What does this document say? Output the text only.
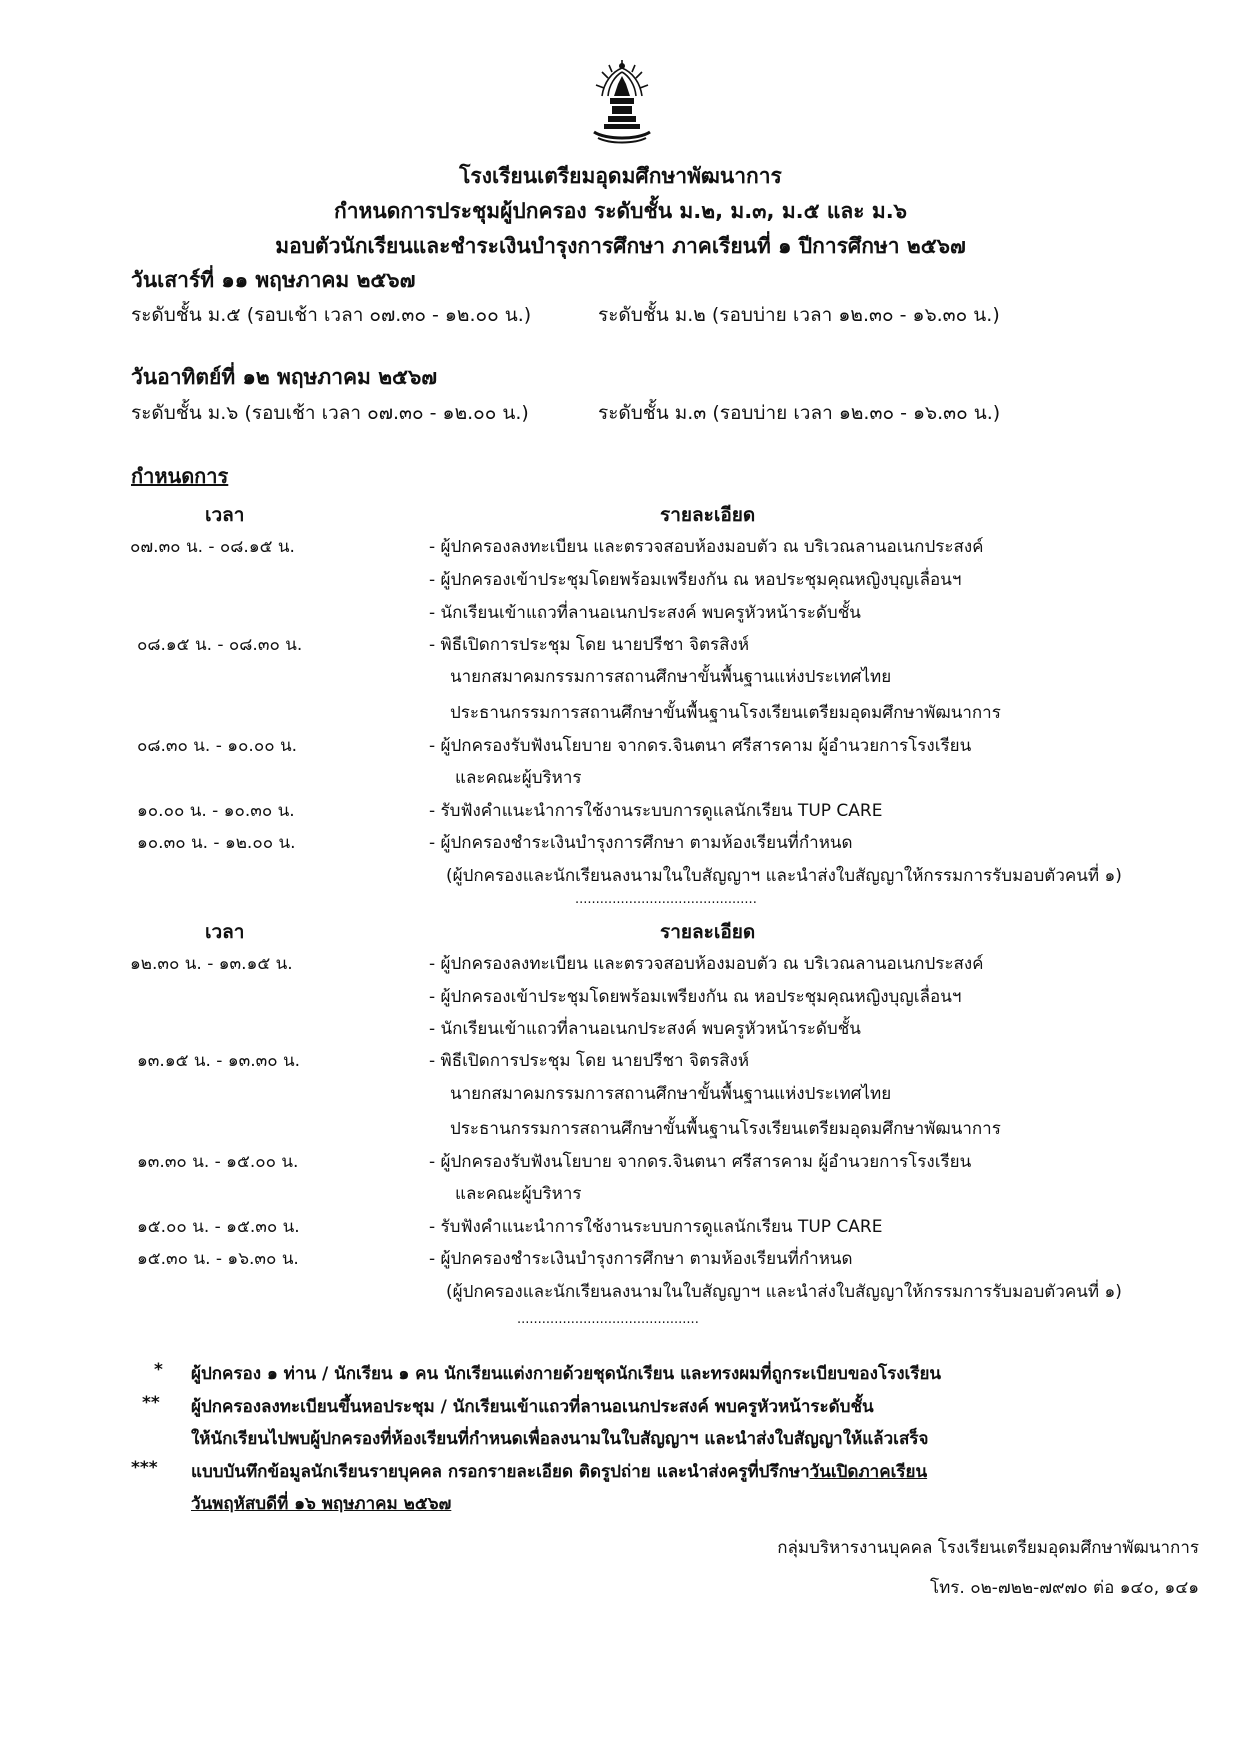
โรงเรียนเตรียมอุดมศึกษาพัฒนาการ
กำหนดการประชุมผู้ปกครอง ระดับชั้น ม.๒, ม.๓, ม.๕ และ ม.๖
มอบตัวนักเรียนและชำระเงินบำรุงการศึกษา ภาคเรียนที่ ๑ ปีการศึกษา ๒๕๖๗
วันเสาร์ที่ ๑๑ พฤษภาคม ๒๕๖๗
ระดับชั้น ม.๕ (รอบเช้า เวลา ๐๗.๓๐ - ๑๒.๐๐ น.)	ระดับชั้น ม.๒ (รอบบ่าย เวลา ๑๒.๓๐ - ๑๖.๓๐ น.)
วันอาทิตย์ที่ ๑๒ พฤษภาคม ๒๕๖๗
ระดับชั้น ม.๖ (รอบเช้า เวลา ๐๗.๓๐ - ๑๒.๐๐ น.)	ระดับชั้น ม.๓ (รอบบ่าย เวลา ๑๒.๓๐ - ๑๖.๓๐ น.)
กำหนดการ
เวลา	รายละเอียด
๐๗.๓๐ น. - ๐๘.๑๕ น.	- ผู้ปกครองลงทะเบียน และตรวจสอบห้องมอบตัว ณ บริเวณลานอเนกประสงค์
- ผู้ปกครองเข้าประชุมโดยพร้อมเพรียงกัน ณ หอประชุมคุณหญิงบุญเลื่อนฯ
- นักเรียนเข้าแถวที่ลานอเนกประสงค์ พบครูหัวหน้าระดับชั้น
๐๘.๑๕ น. - ๐๘.๓๐ น.	- พิธีเปิดการประชุม โดย นายปรีชา จิตรสิงห์
นายกสมาคมกรรมการสถานศึกษาขั้นพื้นฐานแห่งประเทศไทย
ประธานกรรมการสถานศึกษาขั้นพื้นฐานโรงเรียนเตรียมอุดมศึกษาพัฒนาการ
๐๘.๓๐ น. - ๑๐.๐๐ น.	- ผู้ปกครองรับฟังนโยบาย จากดร.จินตนา ศรีสารคาม ผู้อำนวยการโรงเรียน
และคณะผู้บริหาร
๑๐.๐๐ น. - ๑๐.๓๐ น.	- รับฟังคำแนะนำการใช้งานระบบการดูแลนักเรียน TUP CARE
๑๐.๓๐ น. - ๑๒.๐๐ น.	- ผู้ปกครองชำระเงินบำรุงการศึกษา ตามห้องเรียนที่กำหนด
(ผู้ปกครองและนักเรียนลงนามในใบสัญญาฯ และนำส่งใบสัญญาให้กรรมการรับมอบตัวคนที่ ๑)
............................................
เวลา	รายละเอียด
๑๒.๓๐ น. - ๑๓.๑๕ น.	- ผู้ปกครองลงทะเบียน และตรวจสอบห้องมอบตัว ณ บริเวณลานอเนกประสงค์
- ผู้ปกครองเข้าประชุมโดยพร้อมเพรียงกัน ณ หอประชุมคุณหญิงบุญเลื่อนฯ
- นักเรียนเข้าแถวที่ลานอเนกประสงค์ พบครูหัวหน้าระดับชั้น
๑๓.๑๕ น. - ๑๓.๓๐ น.	- พิธีเปิดการประชุม โดย นายปรีชา จิตรสิงห์
นายกสมาคมกรรมการสถานศึกษาขั้นพื้นฐานแห่งประเทศไทย
ประธานกรรมการสถานศึกษาขั้นพื้นฐานโรงเรียนเตรียมอุดมศึกษาพัฒนาการ
๑๓.๓๐ น. - ๑๕.๐๐ น.	- ผู้ปกครองรับฟังนโยบาย จากดร.จินตนา ศรีสารคาม ผู้อำนวยการโรงเรียน
และคณะผู้บริหาร
๑๕.๐๐ น. - ๑๕.๓๐ น.	- รับฟังคำแนะนำการใช้งานระบบการดูแลนักเรียน TUP CARE
๑๕.๓๐ น. - ๑๖.๓๐ น.	- ผู้ปกครองชำระเงินบำรุงการศึกษา ตามห้องเรียนที่กำหนด
(ผู้ปกครองและนักเรียนลงนามในใบสัญญาฯ และนำส่งใบสัญญาให้กรรมการรับมอบตัวคนที่ ๑)
............................................
* ผู้ปกครอง ๑ ท่าน / นักเรียน ๑ คน นักเรียนแต่งกายด้วยชุดนักเรียน และทรงผมที่ถูกระเบียบของโรงเรียน
** ผู้ปกครองลงทะเบียนขึ้นหอประชุม / นักเรียนเข้าแถวที่ลานอเนกประสงค์ พบครูหัวหน้าระดับชั้น
ให้นักเรียนไปพบผู้ปกครองที่ห้องเรียนที่กำหนดเพื่อลงนามในใบสัญญาฯ และนำส่งใบสัญญาให้แล้วเสร็จ
*** แบบบันทึกข้อมูลนักเรียนรายบุคคล กรอกรายละเอียด ติดรูปถ่าย และนำส่งครูที่ปรึกษาวันเปิดภาคเรียน
วันพฤหัสบดีที่ ๑๖ พฤษภาคม ๒๕๖๗
กลุ่มบริหารงานบุคคล โรงเรียนเตรียมอุดมศึกษาพัฒนาการ
โทร. ๐๒-๗๒๒-๗๙๗๐ ต่อ ๑๔๐, ๑๔๑
